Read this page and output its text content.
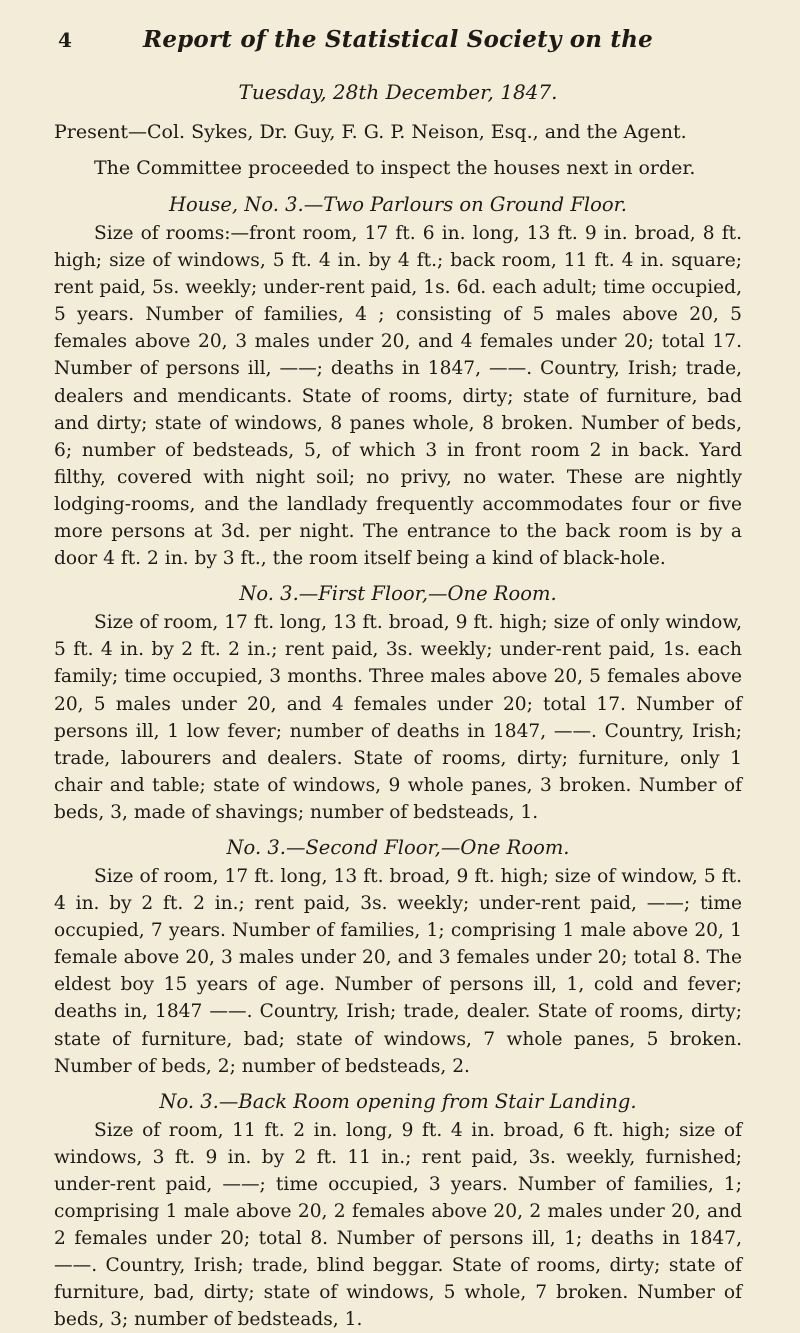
4	Report of the Statistical Society on the
Tuesday, 28th December, 1847.
Present—Col. Sykes, Dr. Guy, F. G. P. Neison, Esq., and the Agent.
The Committee proceeded to inspect the houses next in order.
House, No. 3.—Two Parlours on Ground Floor.

Size of rooms:—front room, 17 ft. 6 in. long, 13 ft. 9 in. broad, 8 ft. high; size of windows, 5 ft. 4 in. by 4 ft.; back room, 11 ft. 4 in. square; rent paid, 5s. weekly; under-rent paid, 1s. 6d. each adult; time occupied, 5 years. Number of families, 4 ; consisting of 5 males above 20, 5 females above 20, 3 males under 20, and 4 females under 20; total 17. Number of persons ill, ——; deaths in 1847, ——. Country, Irish; trade, dealers and mendicants. State of rooms, dirty; state of furniture, bad and dirty; state of windows, 8 panes whole, 8 broken. Number of beds, 6; number of bedsteads, 5, of which 3 in front room 2 in back. Yard filthy, covered with night soil; no privy, no water. These are nightly lodging-rooms, and the landlady frequently accommodates four or five more persons at 3d. per night. The entrance to the back room is by a door 4 ft. 2 in. by 3 ft., the room itself being a kind of black-hole.

No. 3.—First Floor,—One Room.

Size of room, 17 ft. long, 13 ft. broad, 9 ft. high; size of only window, 5 ft. 4 in. by 2 ft. 2 in.; rent paid, 3s. weekly; under-rent paid, 1s. each family; time occupied, 3 months. Three males above 20, 5 females above 20, 5 males under 20, and 4 females under 20; total 17. Number of persons ill, 1 low fever; number of deaths in 1847, ——. Country, Irish; trade, labourers and dealers. State of rooms, dirty; furniture, only 1 chair and table; state of windows, 9 whole panes, 3 broken. Number of beds, 3, made of shavings; number of bedsteads, 1.

No. 3.—Second Floor,—One Room.

Size of room, 17 ft. long, 13 ft. broad, 9 ft. high; size of window, 5 ft. 4 in. by 2 ft. 2 in.; rent paid, 3s. weekly; under-rent paid, ——; time occupied, 7 years. Number of families, 1; comprising 1 male above 20, 1 female above 20, 3 males under 20, and 3 females under 20; total 8. The eldest boy 15 years of age. Number of persons ill, 1, cold and fever; deaths in, 1847 ——. Country, Irish; trade, dealer. State of rooms, dirty; state of furniture, bad; state of windows, 7 whole panes, 5 broken. Number of beds, 2; number of bedsteads, 2.

No. 3.—Back Room opening from Stair Landing.

Size of room, 11 ft. 2 in. long, 9 ft. 4 in. broad, 6 ft. high; size of windows, 3 ft. 9 in. by 2 ft. 11 in.; rent paid, 3s. weekly, furnished; under-rent paid, ——; time occupied, 3 years. Number of families, 1; comprising 1 male above 20, 2 females above 20, 2 males under 20, and 2 females under 20; total 8. Number of persons ill, 1; deaths in 1847, ——. Country, Irish; trade, blind beggar. State of rooms, dirty; state of furniture, bad, dirty; state of windows, 5 whole, 7 broken. Number of beds, 3; number of bedsteads, 1.
